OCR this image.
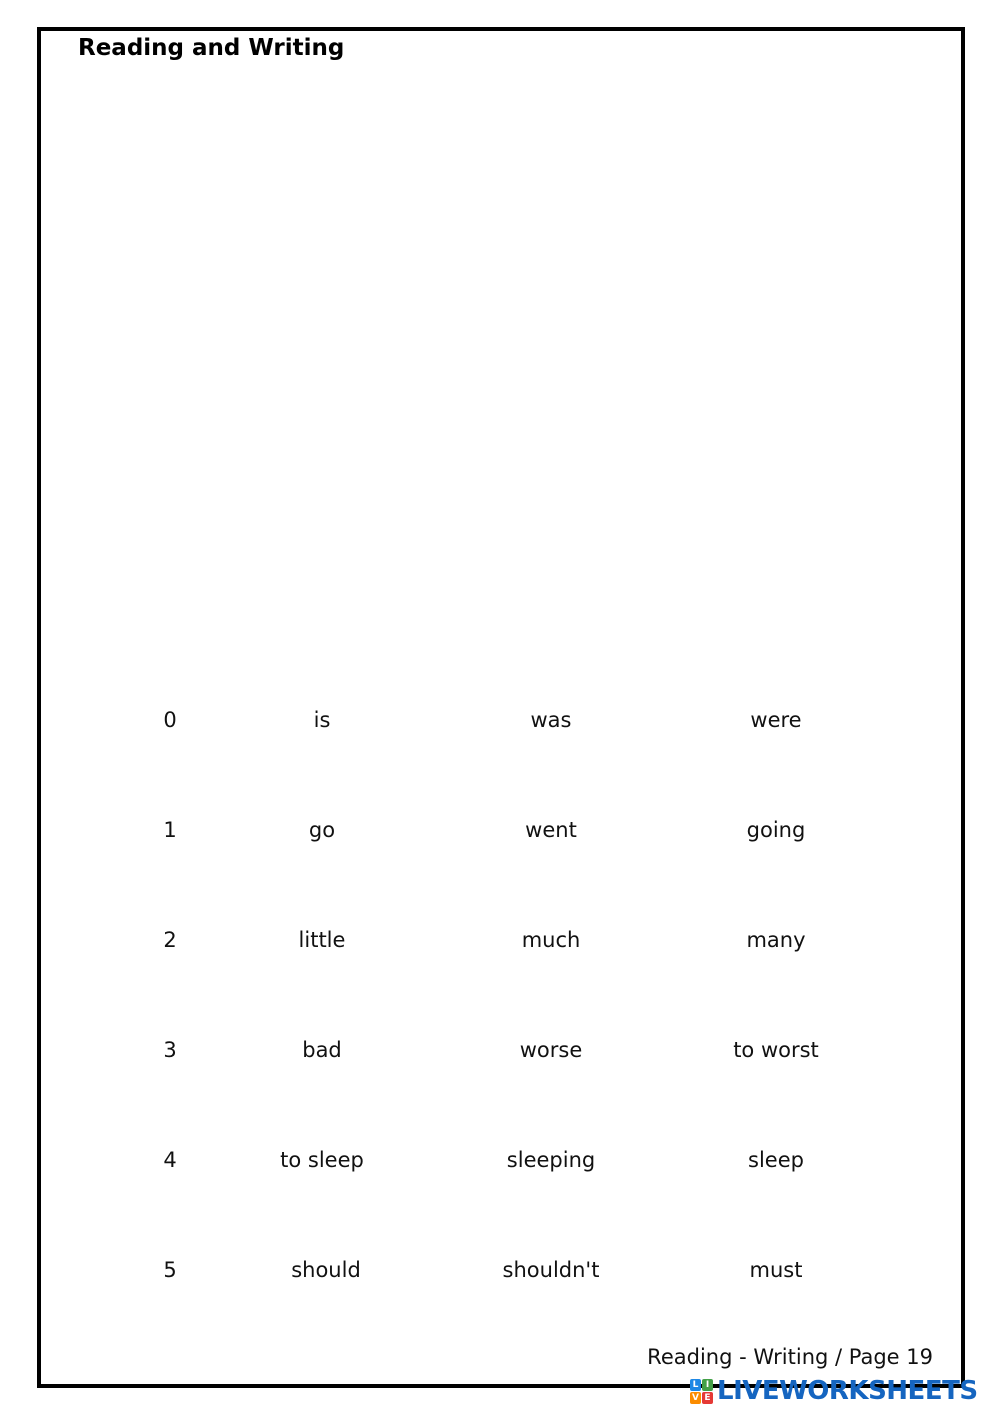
Reading and Writing
0	is	was	were
1	go	went	going
2	little	much	many
3	bad	worse	to worst
4	to sleep	sleeping	sleep
5	should	shouldn't	must
Reading - Writing / Page 19
L I
V E LIVEWORKSHEETS
